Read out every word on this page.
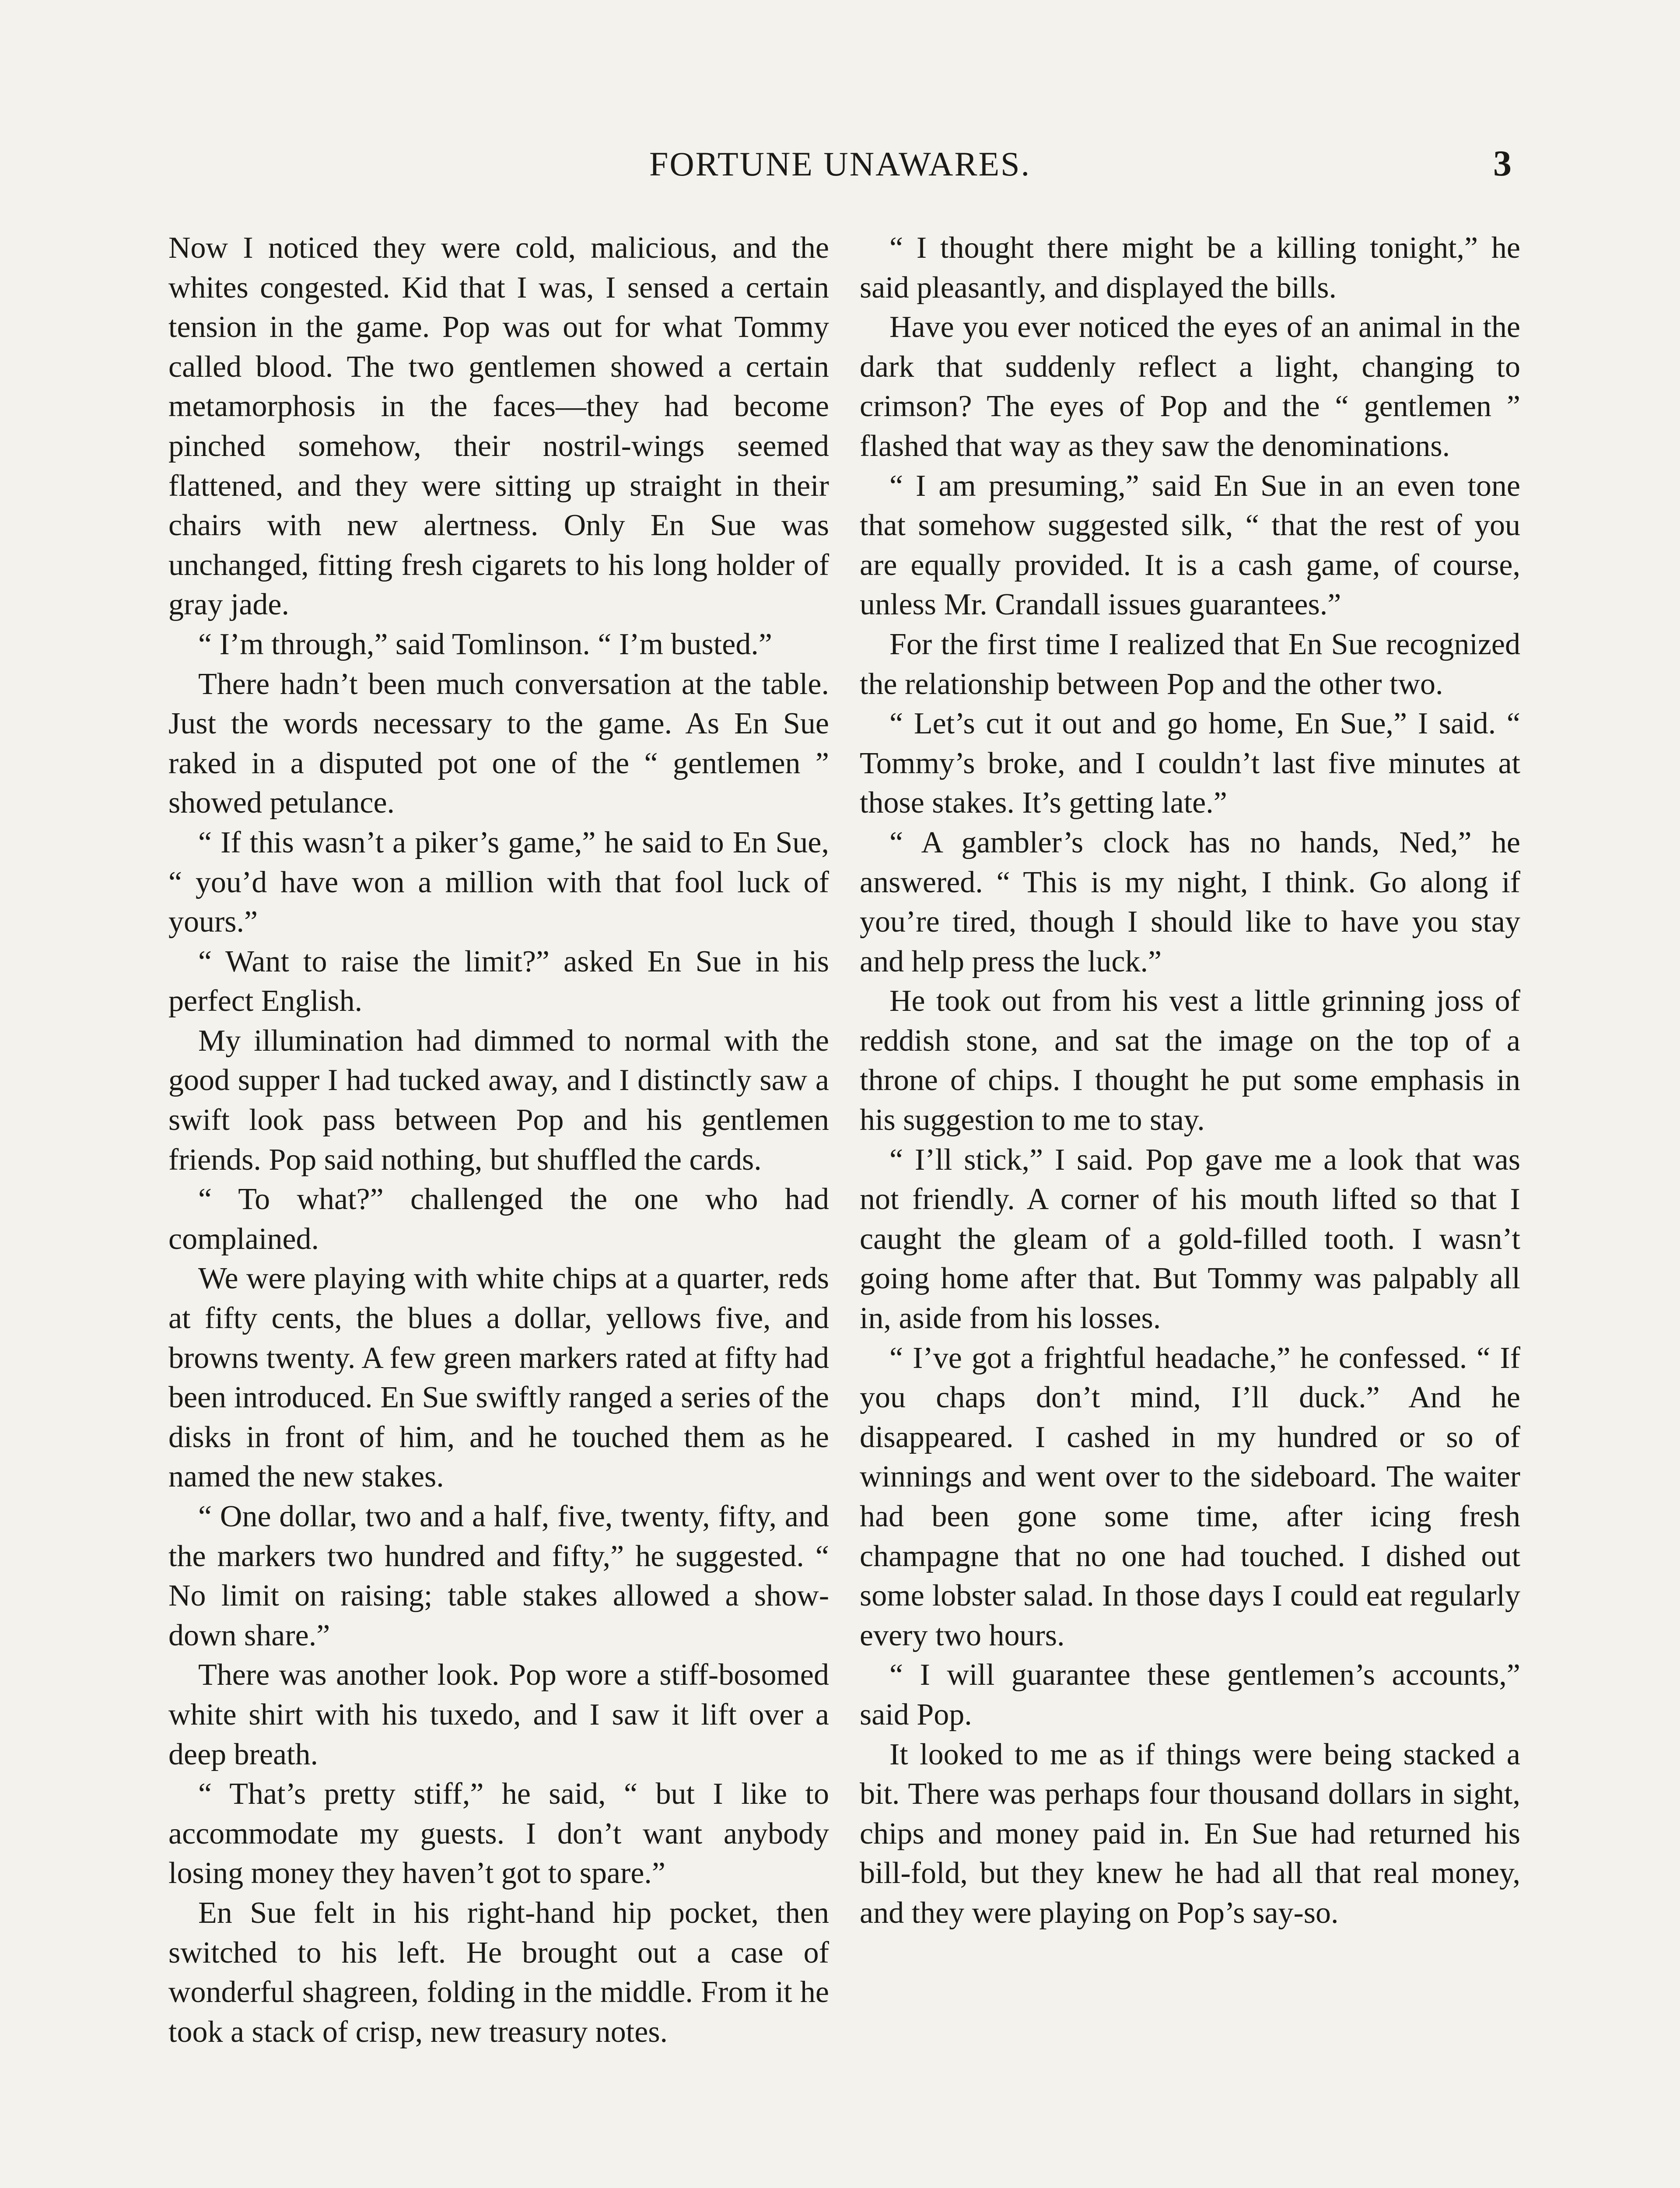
FORTUNE UNAWARES.	3

Now I noticed they were cold, malicious, and the whites congested. Kid that I was, I sensed a certain tension in the game. Pop was out for what Tommy called blood. The two gentlemen showed a certain metamorphosis in the faces—they had become pinched somehow, their nostril-wings seemed flattened, and they were sitting up straight in their chairs with new alertness. Only En Sue was unchanged, fitting fresh cigarets to his long holder of gray jade.

“ I’m through,” said Tomlinson. “ I’m busted.”

There hadn’t been much conversation at the table. Just the words necessary to the game. As En Sue raked in a disputed pot one of the “ gentlemen ” showed petulance.

“ If this wasn’t a piker’s game,” he said to En Sue, “ you’d have won a million with that fool luck of yours.”

“ Want to raise the limit?” asked En Sue in his perfect English.

My illumination had dimmed to normal with the good supper I had tucked away, and I distinctly saw a swift look pass between Pop and his gentlemen friends. Pop said nothing, but shuffled the cards.

“ To what?” challenged the one who had complained.

We were playing with white chips at a quarter, reds at fifty cents, the blues a dollar, yellows five, and browns twenty. A few green markers rated at fifty had been introduced. En Sue swiftly ranged a series of the disks in front of him, and he touched them as he named the new stakes.

“ One dollar, two and a half, five, twenty, fifty, and the markers two hundred and fifty,” he suggested. “ No limit on raising; table stakes allowed a show-down share.”

There was another look. Pop wore a stiff-bosomed white shirt with his tuxedo, and I saw it lift over a deep breath.

“ That’s pretty stiff,” he said, “ but I like to accommodate my guests. I don’t want anybody losing money they haven’t got to spare.”

En Sue felt in his right-hand hip pocket, then switched to his left. He brought out a case of wonderful shagreen, folding in the middle. From it he took a stack of crisp, new treasury notes.

“ I thought there might be a killing tonight,” he said pleasantly, and displayed the bills.

Have you ever noticed the eyes of an animal in the dark that suddenly reflect a light, changing to crimson? The eyes of Pop and the “ gentlemen ” flashed that way as they saw the denominations.

“ I am presuming,” said En Sue in an even tone that somehow suggested silk, “ that the rest of you are equally provided. It is a cash game, of course, unless Mr. Crandall issues guarantees.”

For the first time I realized that En Sue recognized the relationship between Pop and the other two.

“ Let’s cut it out and go home, En Sue,” I said. “ Tommy’s broke, and I couldn’t last five minutes at those stakes. It’s getting late.”

“ A gambler’s clock has no hands, Ned,” he answered. “ This is my night, I think. Go along if you’re tired, though I should like to have you stay and help press the luck.”

He took out from his vest a little grinning joss of reddish stone, and sat the image on the top of a throne of chips. I thought he put some emphasis in his suggestion to me to stay.

“ I’ll stick,” I said. Pop gave me a look that was not friendly. A corner of his mouth lifted so that I caught the gleam of a gold-filled tooth. I wasn’t going home after that. But Tommy was palpably all in, aside from his losses.

“ I’ve got a frightful headache,” he confessed. “ If you chaps don’t mind, I’ll duck.” And he disappeared. I cashed in my hundred or so of winnings and went over to the sideboard. The waiter had been gone some time, after icing fresh champagne that no one had touched. I dished out some lobster salad. In those days I could eat regularly every two hours.

“ I will guarantee these gentlemen’s accounts,” said Pop.

It looked to me as if things were being stacked a bit. There was perhaps four thousand dollars in sight, chips and money paid in. En Sue had returned his bill-fold, but they knew he had all that real money, and they were playing on Pop’s say-so.
